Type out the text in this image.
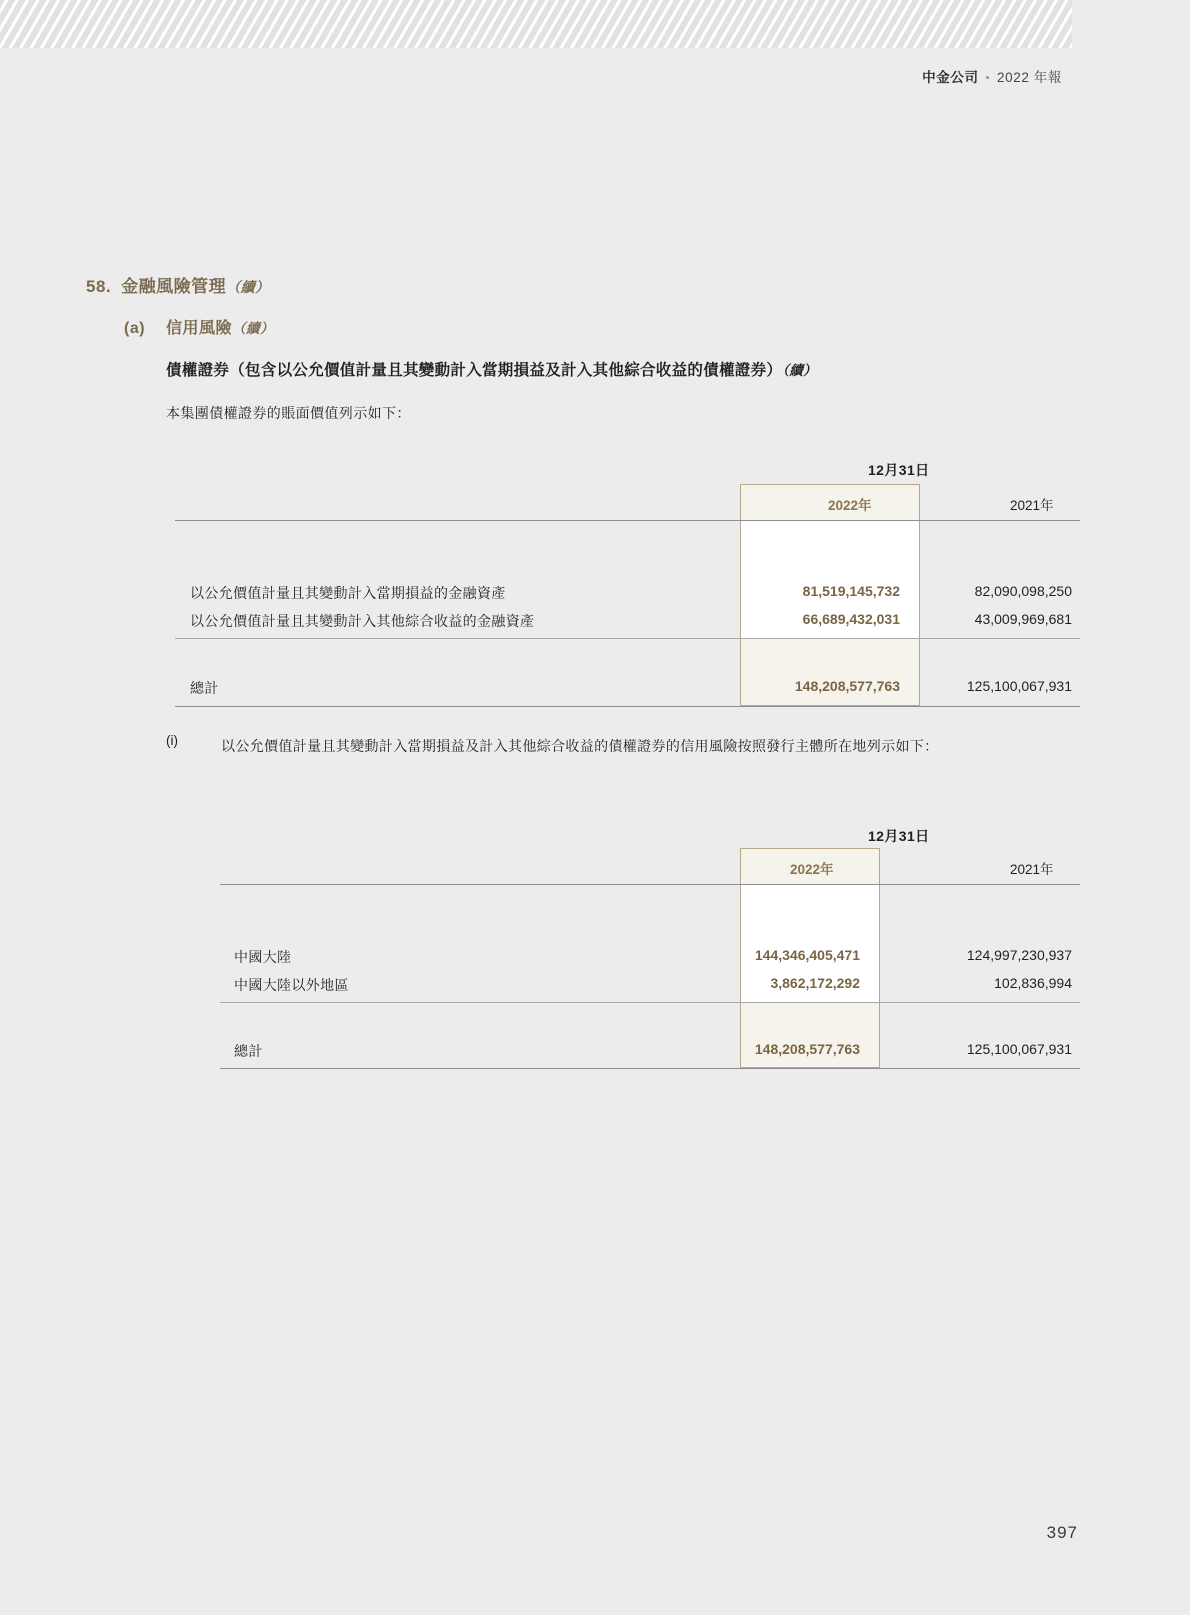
中金公司 • 2022 年報
58. 金融風險管理（續）
(a) 信用風險（續）
債權證券（包含以公允價值計量且其變動計入當期損益及計入其他綜合收益的債權證券）（續）
本集團債權證券的賬面價值列示如下：
12月31日
2022年	2021年
以公允價值計量且其變動計入當期損益的金融資產	81,519,145,732	82,090,098,250
以公允價值計量且其變動計入其他綜合收益的金融資產	66,689,432,031	43,009,969,681
總計	148,208,577,763	125,100,067,931
(i)	以公允價值計量且其變動計入當期損益及計入其他綜合收益的債權證券的信用風險按照發行主體所在地列示如下：
12月31日
2022年	2021年
中國大陸	144,346,405,471	124,997,230,937
中國大陸以外地區	3,862,172,292	102,836,994
總計	148,208,577,763	125,100,067,931
397
